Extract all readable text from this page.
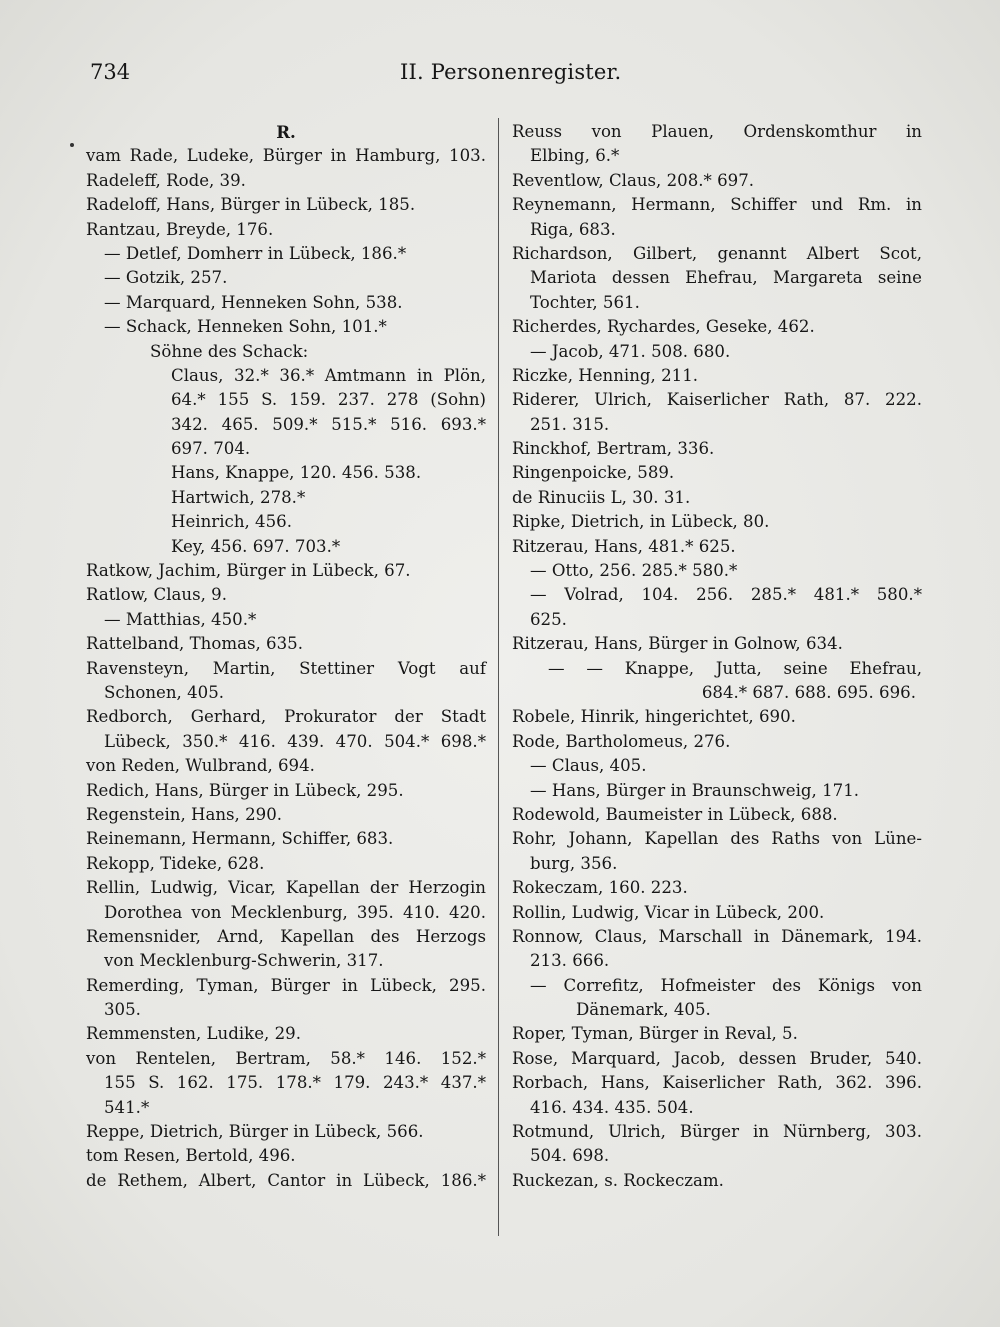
734	II. Personenregister.
R.
vam Rade, Ludeke, Bürger in Hamburg, 103.
Radeleff, Rode, 39.
Radeloff, Hans, Bürger in Lübeck, 185.
Rantzau, Breyde, 176.
— Detlef, Domherr in Lübeck, 186.*
— Gotzik, 257.
— Marquard, Henneken Sohn, 538.
— Schack, Henneken Sohn, 101.*
Söhne des Schack:
Claus, 32.* 36.* Amtmann in Plön,
64.* 155 S. 159. 237. 278 (Sohn)
342. 465. 509.* 515.* 516. 693.*
697. 704.
Hans, Knappe, 120. 456. 538.
Hartwich, 278.*
Heinrich, 456.
Key, 456. 697. 703.*
Ratkow, Jachim, Bürger in Lübeck, 67.
Ratlow, Claus, 9.
— Matthias, 450.*
Rattelband, Thomas, 635.
Ravensteyn, Martin, Stettiner Vogt auf
Schonen, 405.
Redborch, Gerhard, Prokurator der Stadt
Lübeck, 350.* 416. 439. 470. 504.* 698.*
von Reden, Wulbrand, 694.
Redich, Hans, Bürger in Lübeck, 295.
Regenstein, Hans, 290.
Reinemann, Hermann, Schiffer, 683.
Rekopp, Tideke, 628.
Rellin, Ludwig, Vicar, Kapellan der Herzogin
Dorothea von Mecklenburg, 395. 410. 420.
Remensnider, Arnd, Kapellan des Herzogs
von Mecklenburg-Schwerin, 317.
Remerding, Tyman, Bürger in Lübeck, 295.
305.
Remmensten, Ludike, 29.
von Rentelen, Bertram, 58.* 146. 152.*
155 S. 162. 175. 178.* 179. 243.* 437.*
541.*
Reppe, Dietrich, Bürger in Lübeck, 566.
tom Resen, Bertold, 496.
de Rethem, Albert, Cantor in Lübeck, 186.*
Reuss von Plauen, Ordenskomthur in
Elbing, 6.*
Reventlow, Claus, 208.* 697.
Reynemann, Hermann, Schiffer und Rm. in
Riga, 683.
Richardson, Gilbert, genannt Albert Scot,
Mariota dessen Ehefrau, Margareta seine
Tochter, 561.
Richerdes, Rychardes, Geseke, 462.
— Jacob, 471. 508. 680.
Riczke, Henning, 211.
Riderer, Ulrich, Kaiserlicher Rath, 87. 222.
251. 315.
Rinckhof, Bertram, 336.
Ringenpoicke, 589.
de Rinuciis L, 30. 31.
Ripke, Dietrich, in Lübeck, 80.
Ritzerau, Hans, 481.* 625.
— Otto, 256. 285.* 580.*
— Volrad, 104. 256. 285.* 481.* 580.*
625.
Ritzerau, Hans, Bürger in Golnow, 634.
— — Knappe, Jutta, seine Ehefrau,
684.* 687. 688. 695. 696.
Robele, Hinrik, hingerichtet, 690.
Rode, Bartholomeus, 276.
— Claus, 405.
— Hans, Bürger in Braunschweig, 171.
Rodewold, Baumeister in Lübeck, 688.
Rohr, Johann, Kapellan des Raths von Lüne-
burg, 356.
Rokeczam, 160. 223.
Rollin, Ludwig, Vicar in Lübeck, 200.
Ronnow, Claus, Marschall in Dänemark, 194.
213. 666.
— Correfitz, Hofmeister des Königs von
Dänemark, 405.
Roper, Tyman, Bürger in Reval, 5.
Rose, Marquard, Jacob, dessen Bruder, 540.
Rorbach, Hans, Kaiserlicher Rath, 362. 396.
416. 434. 435. 504.
Rotmund, Ulrich, Bürger in Nürnberg, 303.
504. 698.
Ruckezan, s. Rockeczam.
